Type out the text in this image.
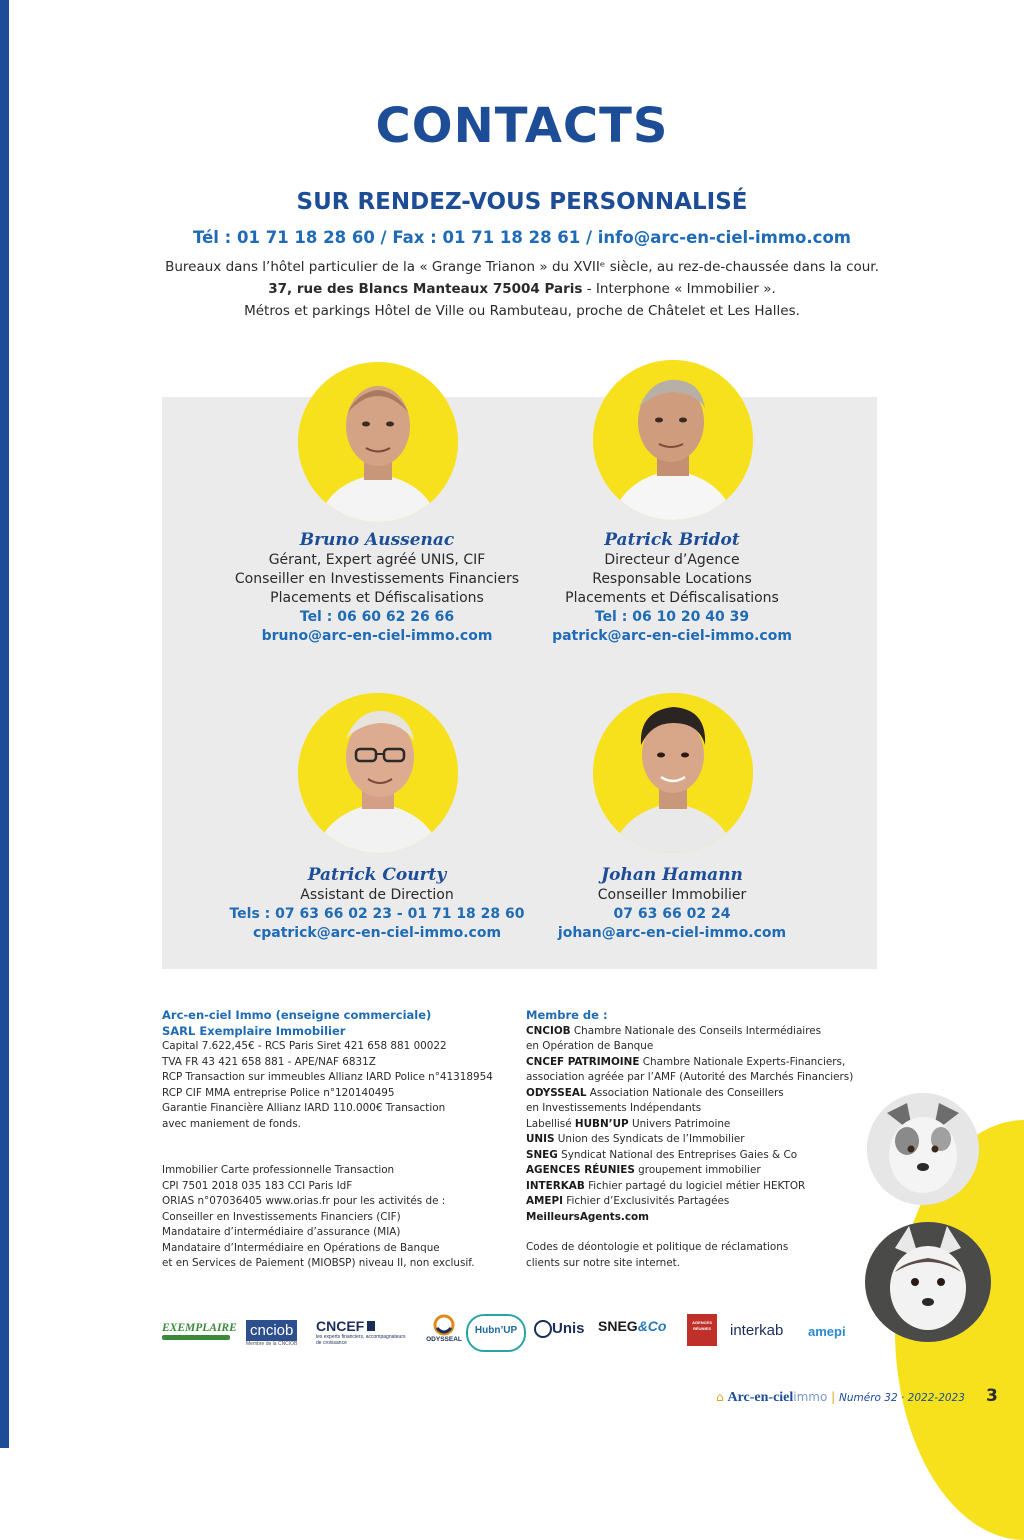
CONTACTS
SUR RENDEZ-VOUS PERSONNALISÉ
Tél : 01 71 18 28 60 / Fax : 01 71 18 28 61 / info@arc-en-ciel-immo.com
Bureaux dans l’hôtel particulier de la « Grange Trianon » du XVIIᵉ siècle, au rez-de-chaussée dans la cour.
37, rue des Blancs Manteaux 75004 Paris - Interphone « Immobilier ».
Métros et parkings Hôtel de Ville ou Rambuteau, proche de Châtelet et Les Halles.
Bruno Aussenac
Gérant, Expert agréé UNIS, CIF
Conseiller en Investissements Financiers
Placements et Défiscalisations
Tel : 06 60 62 26 66
bruno@arc-en-ciel-immo.com
Patrick Bridot
Directeur d’Agence
Responsable Locations
Placements et Défiscalisations
Tel : 06 10 20 40 39
patrick@arc-en-ciel-immo.com
Patrick Courty
Assistant de Direction
Tels : 07 63 66 02 23 - 01 71 18 28 60
cpatrick@arc-en-ciel-immo.com
Johan Hamann
Conseiller Immobilier
07 63 66 02 24
johan@arc-en-ciel-immo.com
Arc-en-ciel Immo (enseigne commerciale)
SARL Exemplaire Immobilier
Capital 7.622,45€ - RCS Paris Siret 421 658 881 00022
TVA FR 43 421 658 881 - APE/NAF 6831Z
RCP Transaction sur immeubles Allianz IARD Police n°41318954
RCP CIF MMA entreprise Police n°120140495
Garantie Financière Allianz IARD 110.000€ Transaction
avec maniement de fonds.
Immobilier Carte professionnelle Transaction
CPI 7501 2018 035 183 CCI Paris IdF
ORIAS n°07036405 www.orias.fr pour les activités de :
Conseiller en Investissements Financiers (CIF)
Mandataire d’intermédiaire d’assurance (MIA)
Mandataire d’Intermédiaire en Opérations de Banque
et en Services de Paiement (MIOBSP) niveau II, non exclusif.
Membre de :
CNCIOB Chambre Nationale des Conseils Intermédiaires
en Opération de Banque
CNCEF PATRIMOINE Chambre Nationale Experts-Financiers,
association agréée par l’AMF (Autorité des Marchés Financiers)
ODYSSEAL Association Nationale des Conseillers
en Investissements Indépendants
Labellisé HUBN’UP Univers Patrimoine
UNIS Union des Syndicats de l’Immobilier
SNEG Syndicat National des Entreprises Gaies & Co
AGENCES RÉUNIES groupement immobilier
INTERKAB Fichier partagé du logiciel métier HEKTOR
AMEPI Fichier d’Exclusivités Partagées
MeilleursAgents.com
Codes de déontologie et politique de réclamations
clients sur notre site internet.
EXEMPLAIRE cnciob
Membre de la CNCIOB
CNCEF
les experts financiers, accompagnateurs de croissance	ODYSSEAL
Hubn’UP	Unis SNEG&Co	AGENCES RÉUNIES	interkab amepi
⌂ Arc-en-cielimmo | Numéro 32 · 2022-2023 3
